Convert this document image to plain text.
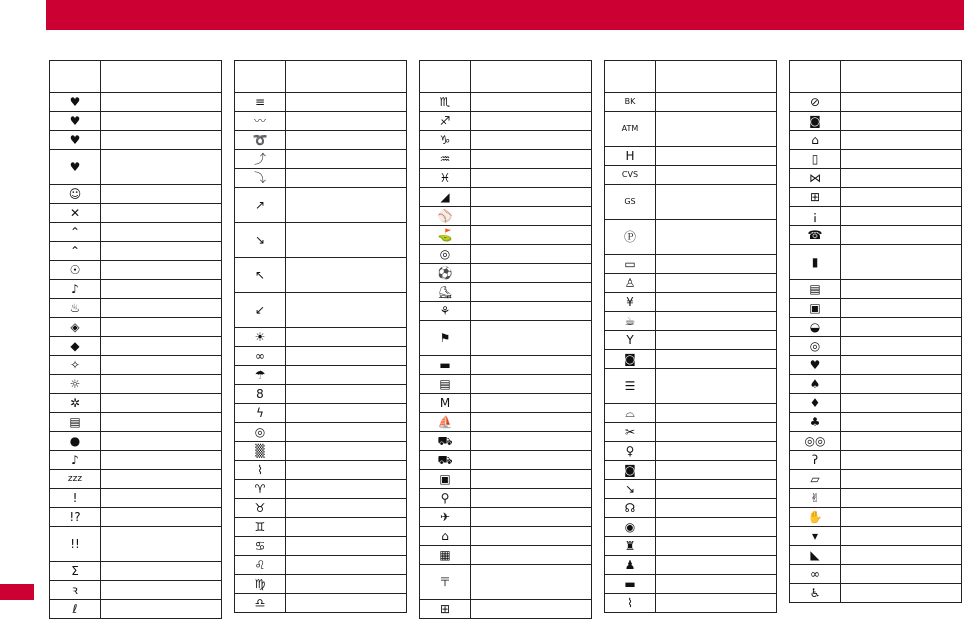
♥	
♥	
♥	
♥	
☺	
✕	
⌃	
⌃	
☉	
♪	
♨	
◈	
◆	
✧	
☼	
✲	
▤	
●	
♪	
zzz	
!	
!?	
!!	
Σ	
ꝛ	
ℓ	

≡	
〰	
➰	
⤴	
⤵	
↗	
↘	
↖	
↙	
☀	
∞	
☂	
8	
ϟ	
◎	
▒	
⌇	
♈	
♉	
♊	
♋	
♌	
♍	
♎	

♏	
♐	
♑	
♒	
♓	
◢	
⚾	
⛳	
◎	
⚽	
⛸	
⚘	
⚑	
▬	
▤	
M	
⛵	
⛟	
⛟	
▣	
⚲	
✈	
⌂	
▦	
〒	
⊞	

BK	
ATM	
H	
CVS	
GS	
Ⓟ	
▭	
♙	
¥	
☕	
Y	
◙	
☰	
⌓	
✂	
♀	
◙	
↘	
☊	
◉	
♜	
♟	
▬	
⌇	

⊘	
◙	
⌂	
▯	
⋈	
⊞	
¡	
☎	
▮	
▤	
▣	
◒	
◎	
♥	
♠	
♦	
♣	
◎◎	
ʔ	
▱	
✌	
✋	
▾	
◣	
∞	
♿	
